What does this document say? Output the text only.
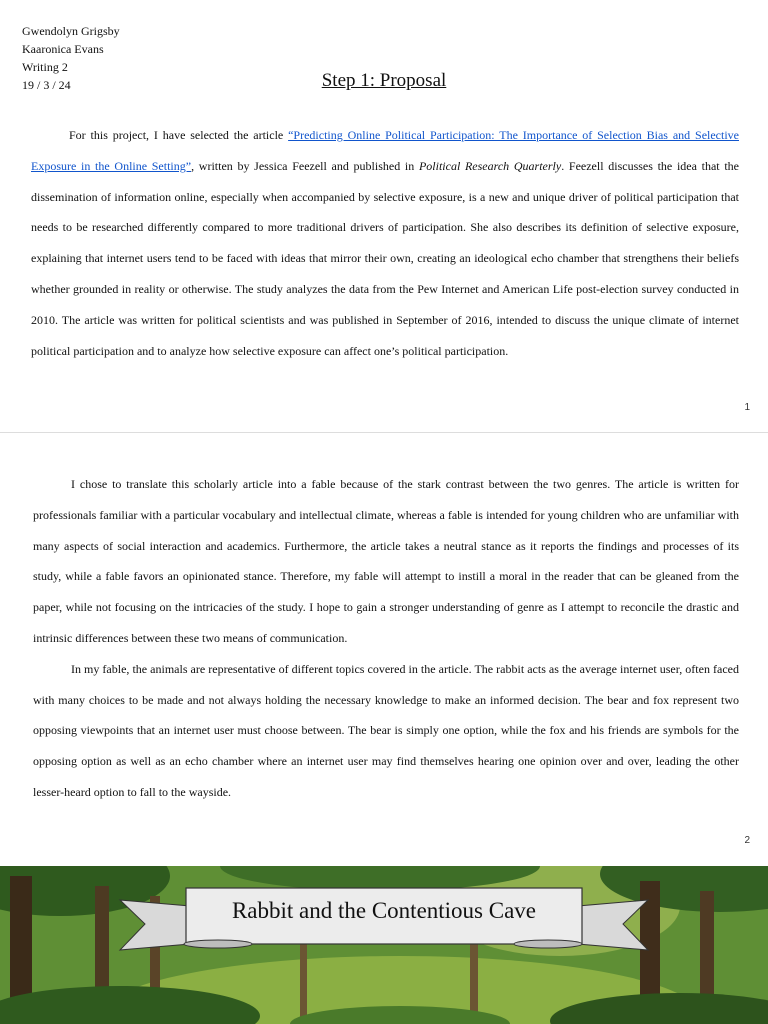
Gwendolyn Grigsby
Kaaronica Evans
Writing 2
19 / 3 / 24	Step 1: Proposal

For this project, I have selected the article “Predicting Online Political Participation: The Importance of Selection Bias and Selective Exposure in the Online Setting”, written by Jessica Feezell and published in Political Research Quarterly. Feezell discusses the idea that the dissemination of information online, especially when accompanied by selective exposure, is a new and unique driver of political participation that needs to be researched differently compared to more traditional drivers of participation. She also describes its definition of selective exposure, explaining that internet users tend to be faced with ideas that mirror their own, creating an ideological echo chamber that strengthens their beliefs whether grounded in reality or otherwise. The study analyzes the data from the Pew Internet and American Life post-election survey conducted in 2010. The article was written for political scientists and was published in September of 2016, intended to discuss the unique climate of internet political participation and to analyze how selective exposure can affect one’s political participation.

1

I chose to translate this scholarly article into a fable because of the stark contrast between the two genres. The article is written for professionals familiar with a particular vocabulary and intellectual climate, whereas a fable is intended for young children who are unfamiliar with many aspects of social interaction and academics. Furthermore, the article takes a neutral stance as it reports the findings and processes of its study, while a fable favors an opinionated stance. Therefore, my fable will attempt to instill a moral in the reader that can be gleaned from the paper, while not focusing on the intricacies of the study. I hope to gain a stronger understanding of genre as I attempt to reconcile the drastic and intrinsic differences between these two means of communication.

In my fable, the animals are representative of different topics covered in the article. The rabbit acts as the average internet user, often faced with many choices to be made and not always holding the necessary knowledge to make an informed decision. The bear and fox represent two opposing viewpoints that an internet user must choose between. The bear is simply one option, while the fox and his friends are symbols for the opposing option as well as an echo chamber where an internet user may find themselves hearing one opinion over and over, leading the other lesser-heard option to fall to the wayside.

2
Rabbit and the Contentious Cave
